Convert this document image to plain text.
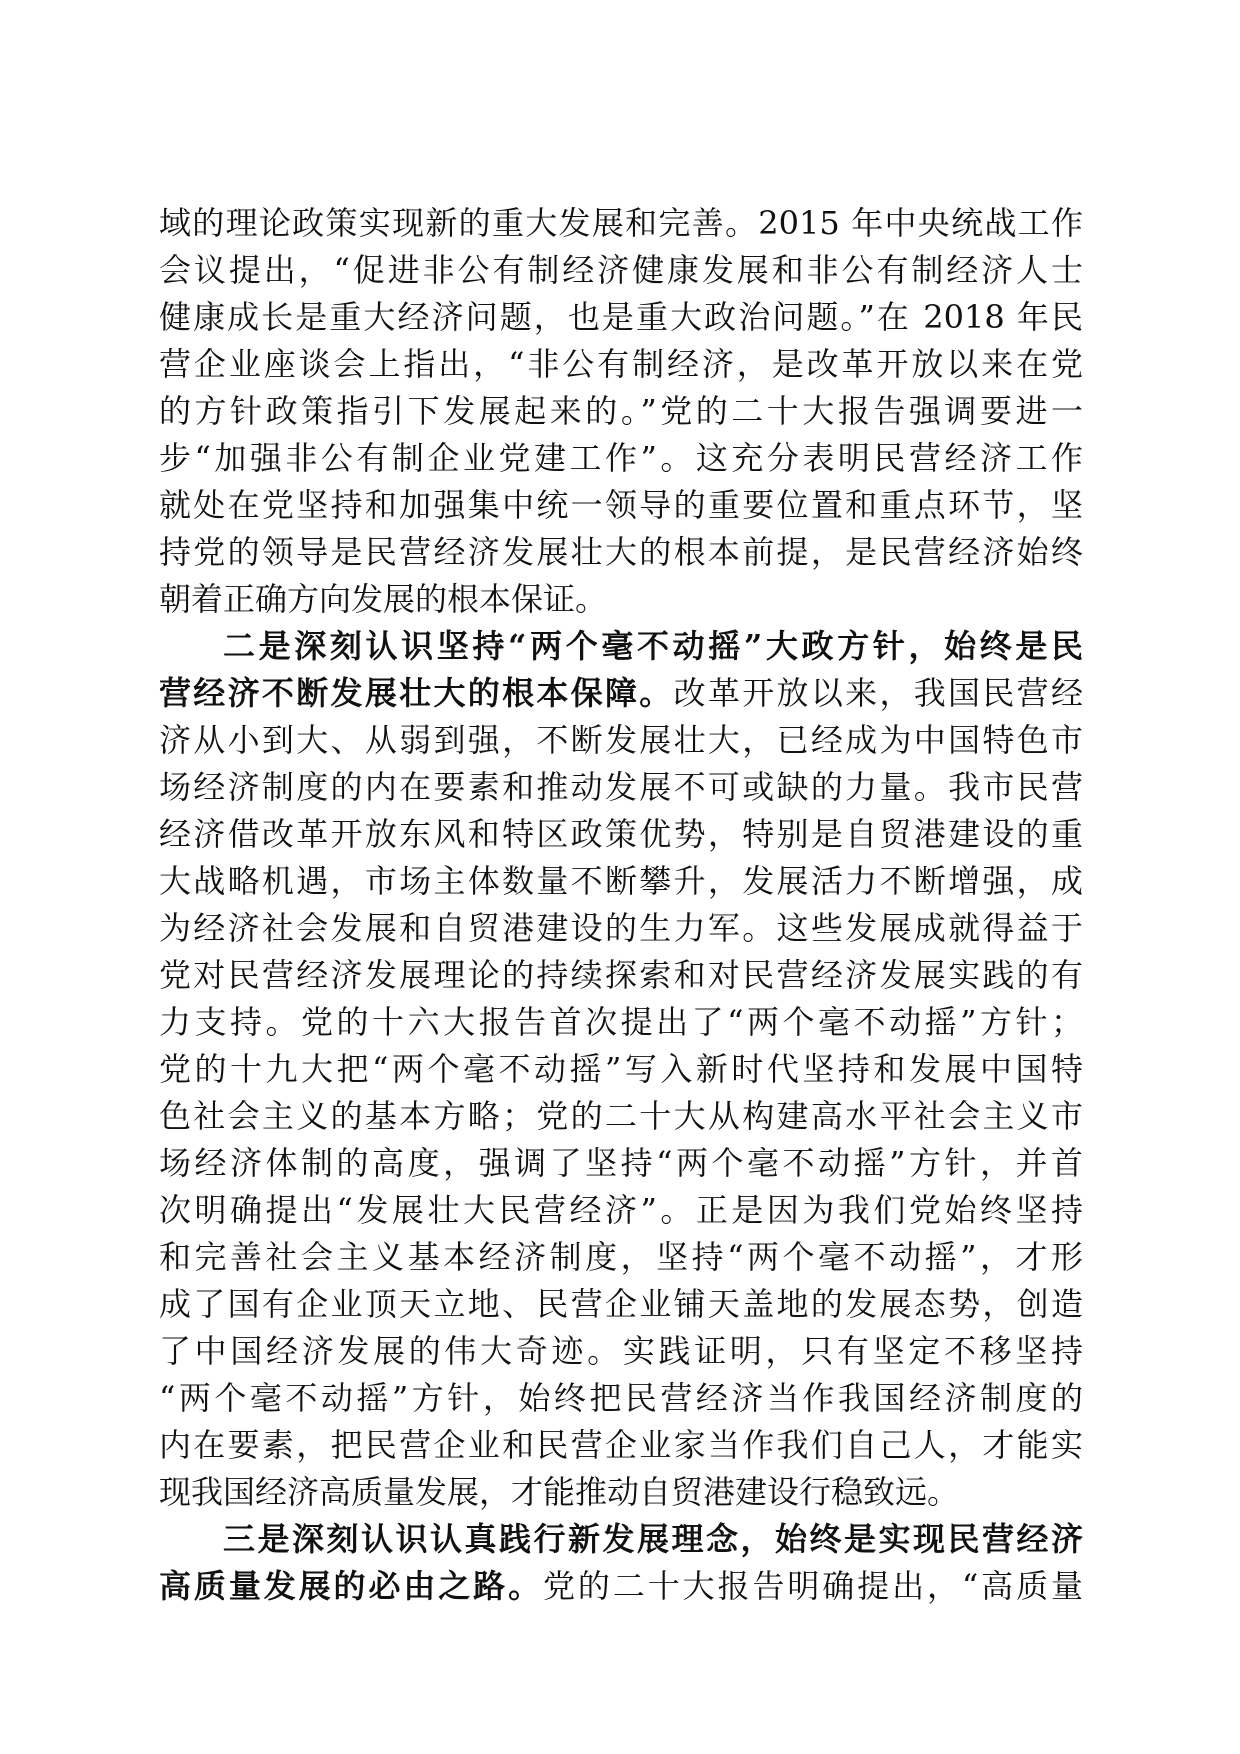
域的理论政策实现新的重大发展和完善。2015 年中央统战工作
会议提出，“促进非公有制经济健康发展和非公有制经济人士
健康成长是重大经济问题，也是重大政治问题。”在 2018 年民
营企业座谈会上指出，“非公有制经济，是改革开放以来在党
的方针政策指引下发展起来的。”党的二十大报告强调要进一
步“加强非公有制企业党建工作”。这充分表明民营经济工作
就处在党坚持和加强集中统一领导的重要位置和重点环节，坚
持党的领导是民营经济发展壮大的根本前提，是民营经济始终
朝着正确方向发展的根本保证。
二是深刻认识坚持“两个毫不动摇”大政方针，始终是民
营经济不断发展壮大的根本保障。改革开放以来，我国民营经
济从小到大、从弱到强，不断发展壮大，已经成为中国特色市
场经济制度的内在要素和推动发展不可或缺的力量。我市民营
经济借改革开放东风和特区政策优势，特别是自贸港建设的重
大战略机遇，市场主体数量不断攀升，发展活力不断增强，成
为经济社会发展和自贸港建设的生力军。这些发展成就得益于
党对民营经济发展理论的持续探索和对民营经济发展实践的有
力支持。党的十六大报告首次提出了“两个毫不动摇”方针；
党的十九大把“两个毫不动摇”写入新时代坚持和发展中国特
色社会主义的基本方略；党的二十大从构建高水平社会主义市
场经济体制的高度，强调了坚持“两个毫不动摇”方针，并首
次明确提出“发展壮大民营经济”。正是因为我们党始终坚持
和完善社会主义基本经济制度，坚持“两个毫不动摇”，才形
成了国有企业顶天立地、民营企业铺天盖地的发展态势，创造
了中国经济发展的伟大奇迹。实践证明，只有坚定不移坚持
“两个毫不动摇”方针，始终把民营经济当作我国经济制度的
内在要素，把民营企业和民营企业家当作我们自己人，才能实
现我国经济高质量发展，才能推动自贸港建设行稳致远。
三是深刻认识认真践行新发展理念，始终是实现民营经济
高质量发展的必由之路。党的二十大报告明确提出，“高质量
